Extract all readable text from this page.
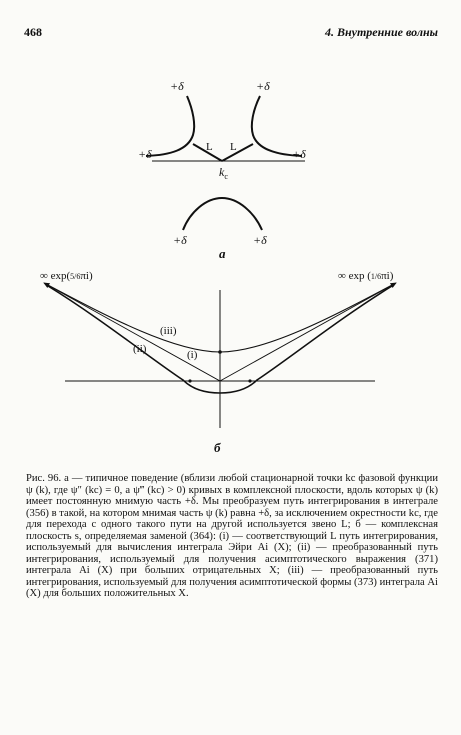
468	4. Внутренние волны
+δ	+δ
+δ	+δ
L L
$k_c$
+δ	+δ
а
∞ exp(5/6πi)	∞ exp (1/6πi)
(iii)
(ii)	(i)
б
Рис. 96. а — типичное поведение (вблизи любой стационарной точки kc фазовой функции ψ (k), где ψ″ (kc) = 0, а ψ‴ (kc) > 0) кривых в комплексной плоскости, вдоль которых ψ (k) имеет постоянную мнимую часть +δ. Мы преобразуем путь интегрирования в интеграле (356) в такой, на котором мнимая часть ψ (k) равна +δ, за исключением окрестности kc, где для перехода с одного такого пути на другой используется звено L; б — комплексная плоскость s, определяемая заменой (364): (i) — соответствующий L путь интегрирования, используемый для вычисления интеграла Эйри Ai (X); (ii) — преобразованный путь интегрирования, используемый для получения асимптотического выражения (371) интеграла Ai (X) при больших отрицательных X; (iii) — преобразованный путь интегрирования, используемый для получения асимптотической формы (373) интеграла Ai (X) для больших положительных X.
